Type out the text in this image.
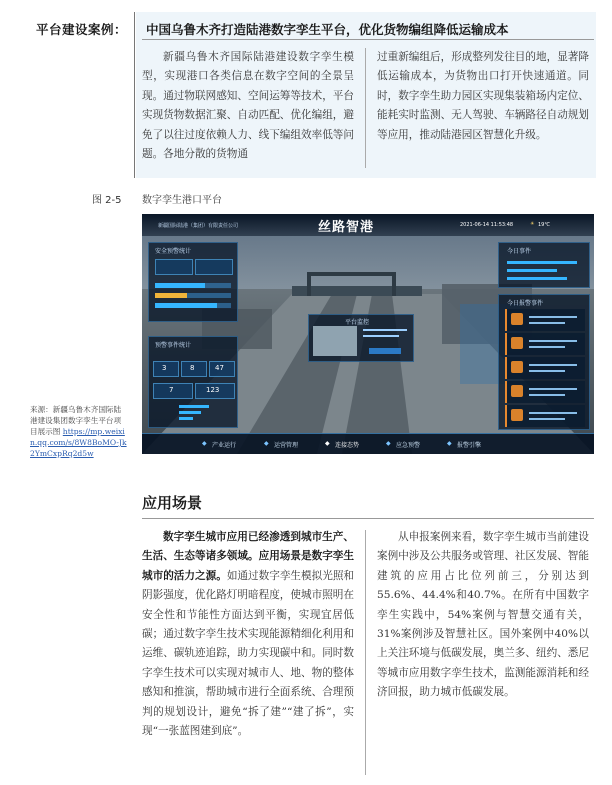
平台建设案例： 中国乌鲁木齐打造陆港数字孪生平台，优化货物编组降低运输成本
新疆乌鲁木齐国际陆港建设数字孪生模型，实现港口各类信息在数字空间的全景呈现。通过物联网感知、空间运筹等技术，平台实现货物数据汇聚、自动匹配、优化编组，避免了以往过度依赖人力、线下编组效率低等问题。各地分散的货物通
过重新编组后，形成整列发往目的地，显著降低运输成本，为货物出口打开快速通道。同时，数字孪生助力园区实现集装箱场内定位、能耗实时监测、无人驾驶、车辆路径自动规划等应用，推动陆港园区智慧化升级。
图 2-5 数字孪生港口平台
新疆国际陆港（集团）有限责任公司	丝路智港	2021-06-14 11:53:48	19℃
☀
安全预警统计
预警事件统计
3	8	47
7	123
平台监控
今日事件
今日报警事件
◆ 产业运行	◆ 运营管理	◆ 连接态势	◆ 应急预警	◆ 报警引擎
来源：新疆乌鲁木齐国际陆港建设集团数字孪生平台项目展示图 https://mp.weixin.qq.com/s/8W8BoMO-Jk2YmCxpRq2d5w
应用场景
数字孪生城市应用已经渗透到城市生产、生活、生态等诸多领域。应用场景是数字孪生城市的活力之源。如通过数字孪生模拟光照和阴影强度，优化路灯明暗程度，使城市照明在安全性和节能性方面达到平衡，实现宜居低碳；通过数字孪生技术实现能源精细化利用和运维、碳轨迹追踪，助力实现碳中和。同时数字孪生技术可以实现对城市人、地、物的整体感知和推演，帮助城市进行全面系统、合理预判的规划设计，避免“拆了建”“建了拆”，实现“一张蓝图建到底”。
从申报案例来看，数字孪生城市当前建设案例中涉及公共服务或管理、社区发展、智能建筑的应用占比位列前三，分别达到55.6%、44.4%和40.7%。在所有中国数字孪生实践中，54%案例与智慧交通有关，31%案例涉及智慧社区。国外案例中40%以上关注环境与低碳发展，奥兰多、纽约、悉尼等城市应用数字孪生技术，监测能源消耗和经济回报，助力城市低碳发展。
